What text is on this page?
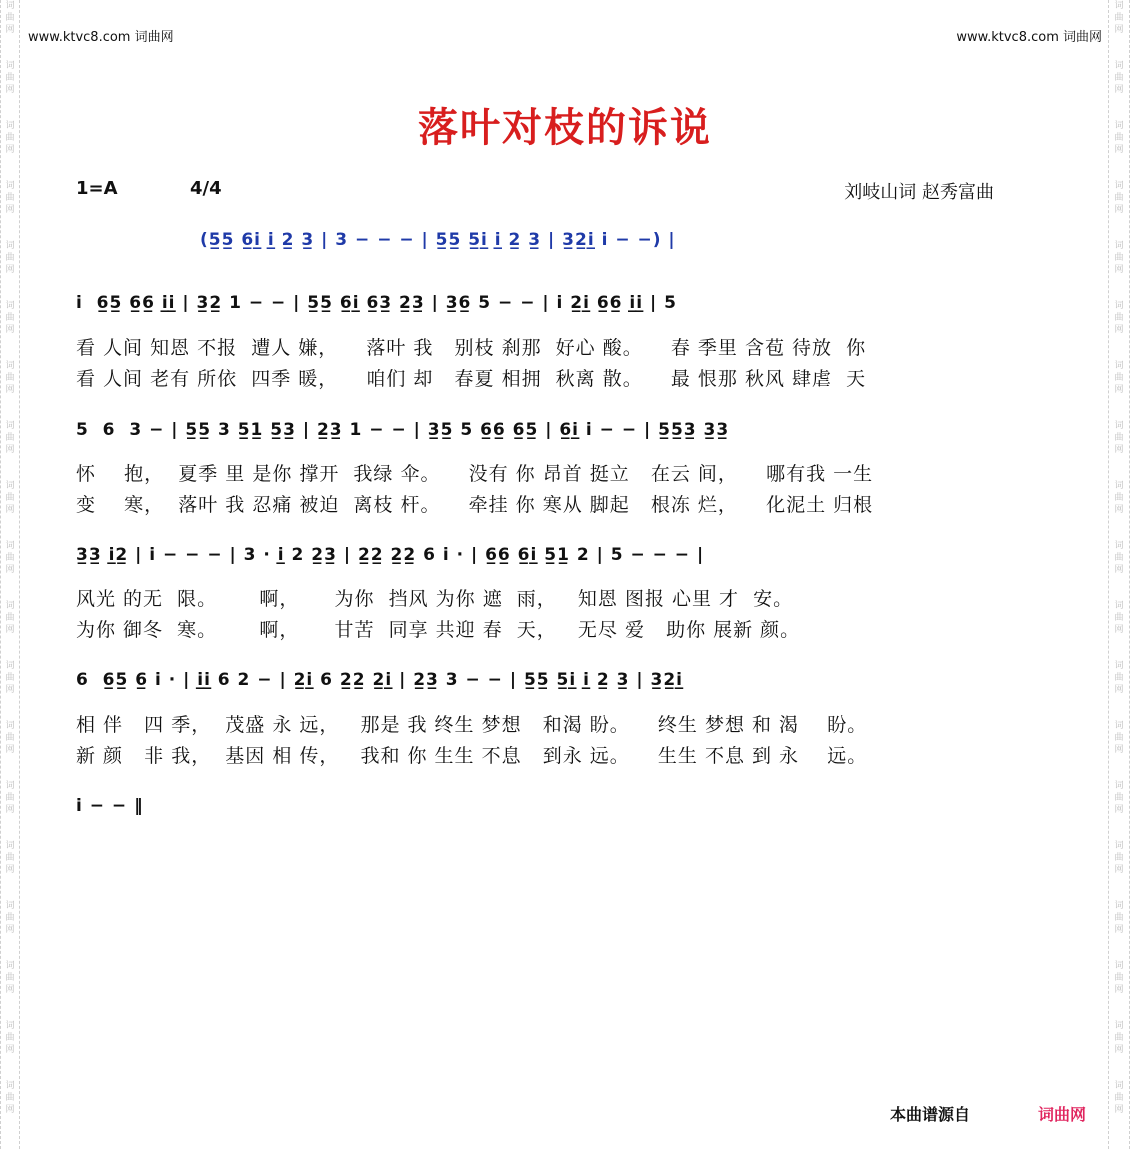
词
曲
网
词
曲
网
词
曲
网
词
曲
网
词
曲
网
词
曲
网
词
曲
网
词
曲
网
词
曲
网
词
曲
网
词
曲
网
词
曲
网
词
曲
网
词
曲
网
词
曲
网
词
曲
网
词
曲
网
词
曲
网
词
曲
网
词
曲
网
词
曲
网
词
曲
网
词
曲
网
词
曲
网
词
曲
网
词
曲
网
词
曲
网
词
曲
网
词
曲
网
词
曲
网
词
曲
网
词
曲
网
词
曲
网
词
曲
网
词
曲
网
词
曲
网
词
曲
网
词
曲
网
www.ktvc8.com 词曲网	www.ktvc8.com 词曲网
落叶对枝的诉说
1=A	4/4	刘岐山词 赵秀富曲
(5̲5̲ 6̲i̲ i̲ 2̲ 3̲ | 3 − − − | 5̲5̲ 5̲i̲ i̲ 2̲ 3̲ | 3̲2̲i̲ i − −) |
i  6̲5̲ 6̲6̲ i̲i̲ | 3̲2̲ 1 − − | 5̲5̲ 6̲i̲ 6̲3̲ 2̲3̲ | 3̲6̲ 5 − − | i 2̲i̲ 6̲6̲ i̲i̲ | 5
看 人间 知恩 不报  遭人 嫌，    落叶 我   别枝 刹那  好心 酸。    春 季里 含苞 待放  你
看 人间 老有 所依  四季 暖，    咱们 却   春夏 相拥  秋离 散。    最 恨那 秋风 肆虐  天
5  6  3 − | 5̲5̲ 3 5̲1̲ 5̲3̲ | 2̲3̲ 1 − − | 3̲5̲ 5 6̲6̲ 6̲5̲ | 6̲i̲ i − − | 5̲5̲3̲ 3̲3̲
怀    抱，  夏季 里 是你 撑开  我绿 伞。    没有 你 昂首 挺立   在云 间，    哪有我 一生
变    寒，  落叶 我 忍痛 被迫  离枝 杆。    牵挂 你 寒从 脚起   根冻 烂，    化泥土 归根
3̲3̲ i̲2̲ | i − − − | 3 · i̲ 2 2̲3̲ | 2̲2̲ 2̲2̲ 6 i · | 6̲6̲ 6̲i̲ 5̲1̲ 2 | 5 − − − |
风光 的无  限。      啊，     为你  挡风 为你 遮  雨，   知恩 图报 心里 才  安。
为你 御冬  寒。      啊，     甘苦  同享 共迎 春  天，   无尽 爱   助你 展新 颜。
6  6̲5̲ 6̲ i · | i̲i̲ 6 2 − | 2̲i̲ 6 2̲2̲ 2̲i̲ | 2̲3̲ 3 − − | 5̲5̲ 5̲i̲ i̲ 2̲ 3̲ | 3̲2̲i̲
相 伴   四 季，  茂盛 永 远，   那是 我 终生 梦想   和渴 盼。    终生 梦想 和 渴    盼。
新 颜   非 我，  基因 相 传，   我和 你 生生 不息   到永 远。    生生 不息 到 永    远。
i − − ‖
本曲谱源自	词曲网
